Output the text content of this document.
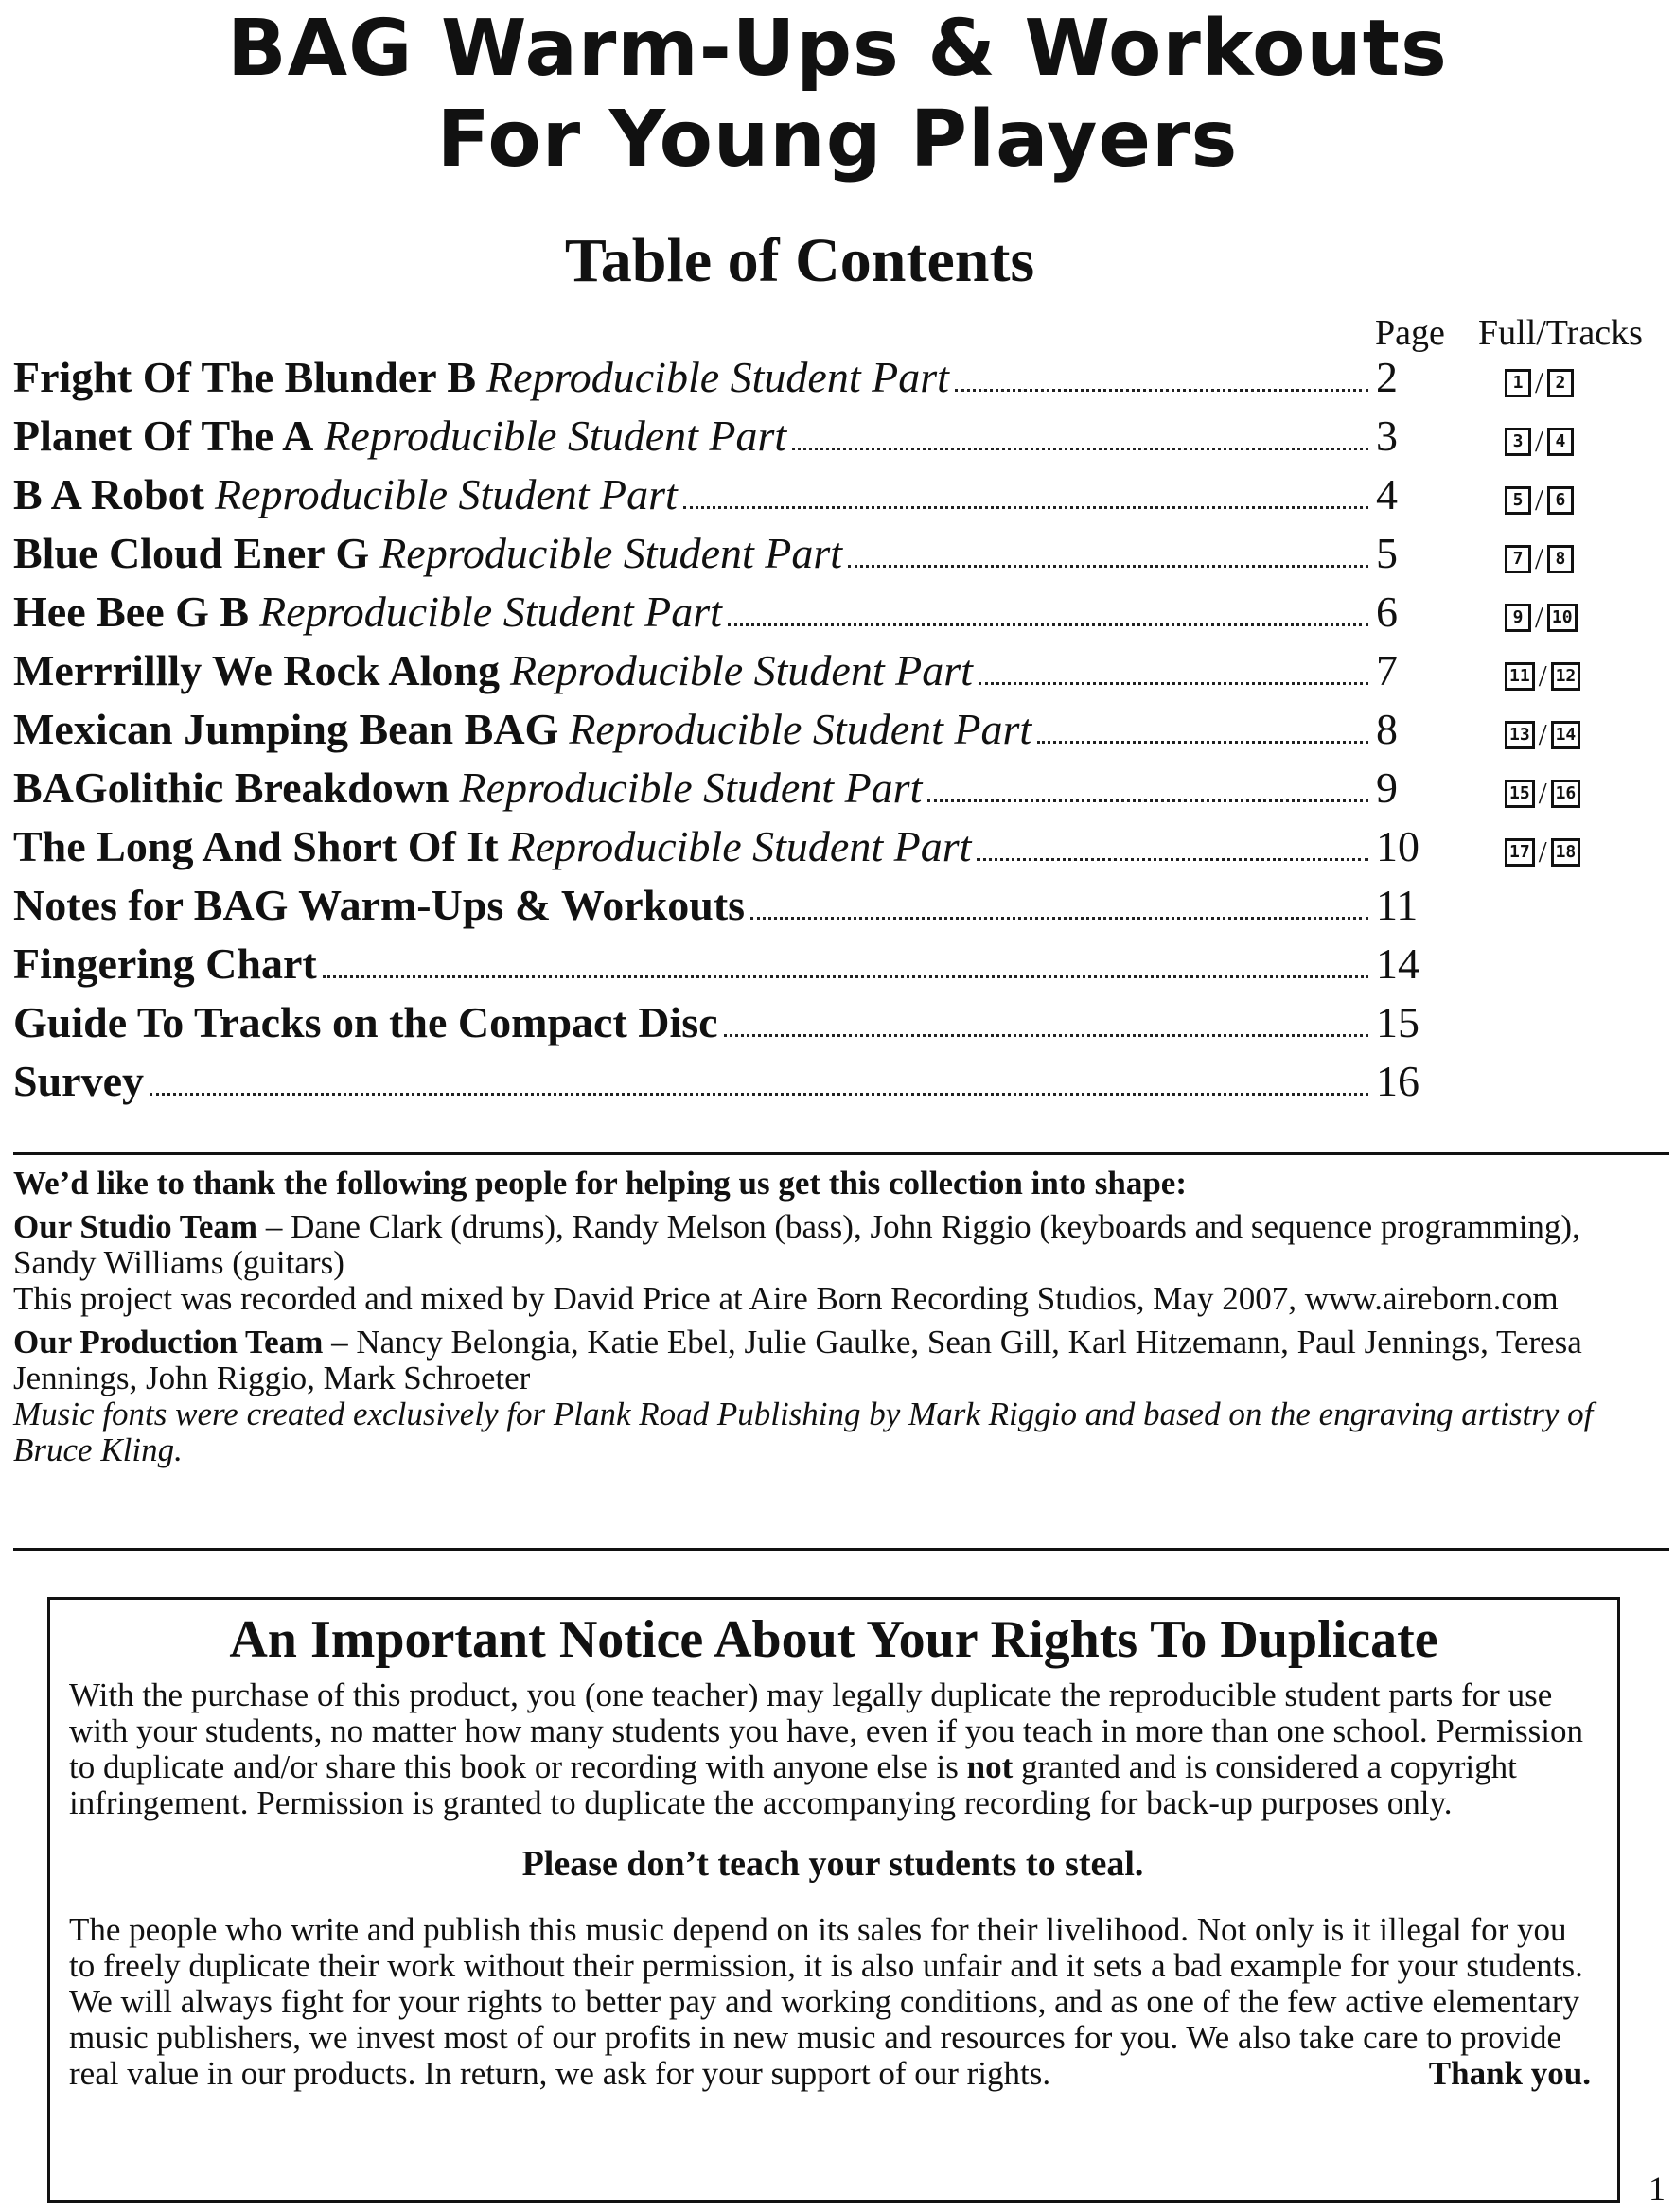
BAG Warm-Ups & Workouts
For Young Players
Table of Contents
Page Full/Tracks
Fright Of The Blunder B Reproducible Student Part	2	1 / 2
Planet Of The A Reproducible Student Part	3	3 / 4
B A Robot Reproducible Student Part	4	5 / 6
Blue Cloud Ener G Reproducible Student Part	5	7 / 8
Hee Bee G B Reproducible Student Part	6	9 / 10
Merrrillly We Rock Along Reproducible Student Part	7	11 / 12
Mexican Jumping Bean BAG Reproducible Student Part	8	13 / 14
BAGolithic Breakdown Reproducible Student Part	9	15 / 16
The Long And Short Of It Reproducible Student Part	10	17 / 18
Notes for BAG Warm-Ups & Workouts	11
Fingering Chart	14
Guide To Tracks on the Compact Disc	15
Survey	16

We’d like to thank the following people for helping us get this collection into shape:

Our Studio Team – Dane Clark (drums), Randy Melson (bass), John Riggio (keyboards and sequence programming), Sandy Williams (guitars)
This project was recorded and mixed by David Price at Aire Born Recording Studios, May 2007, www.aireborn.com

Our Production Team – Nancy Belongia, Katie Ebel, Julie Gaulke, Sean Gill, Karl Hitzemann, Paul Jennings, Teresa Jennings, John Riggio, Mark Schroeter
Music fonts were created exclusively for Plank Road Publishing by Mark Riggio and based on the engraving artistry of Bruce Kling.

An Important Notice About Your Rights To Duplicate

With the purchase of this product, you (one teacher) may legally duplicate the reproducible student parts for use with your students, no matter how many students you have, even if you teach in more than one school. Permission to duplicate and/or share this book or recording with anyone else is not granted and is considered a copyright infringement. Permission is granted to duplicate the accompanying recording for back-up purposes only.

Please don’t teach your students to steal.

The people who write and publish this music depend on its sales for their livelihood. Not only is it illegal for you to freely duplicate their work without their permission, it is also unfair and it sets a bad example for your students. We will always fight for your rights to better pay and working conditions, and as one of the few active elementary music publishers, we invest most of our profits in new music and resources for you. We also take care to provide real value in our products. In return, we ask for your support of our rights.	Thank you.

1
